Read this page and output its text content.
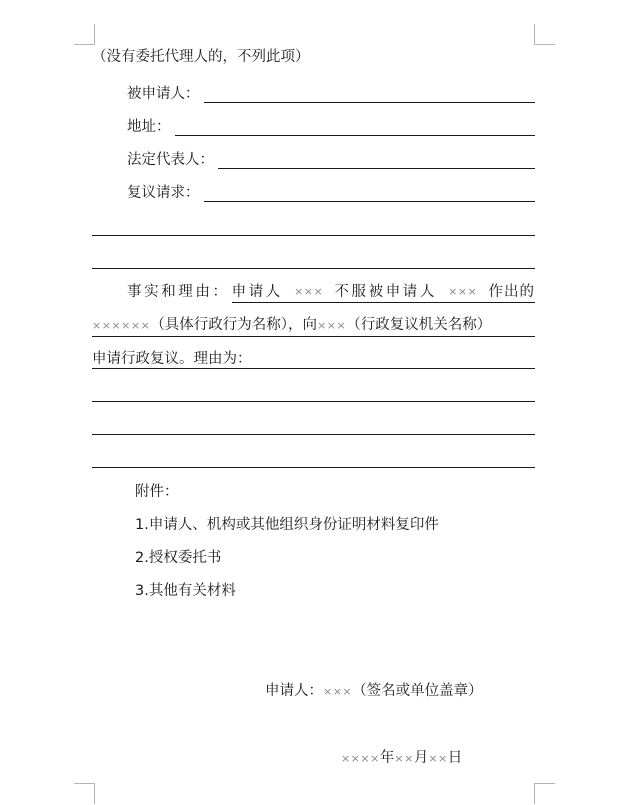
（没有委托代理人的，不列此项）
被申请人：
地址：
法定代表人：
复议请求：
事实和理由： 申请人 ××× 不服被申请人 ××× 作出的
××××××（具体行政行为名称），向×××（行政复议机关名称）
申请行政复议。理由为：
附件：
1.申请人、机构或其他组织身份证明材料复印件
2.授权委托书
3.其他有关材料
申请人：×××（签名或单位盖章）
××××年××月××日
